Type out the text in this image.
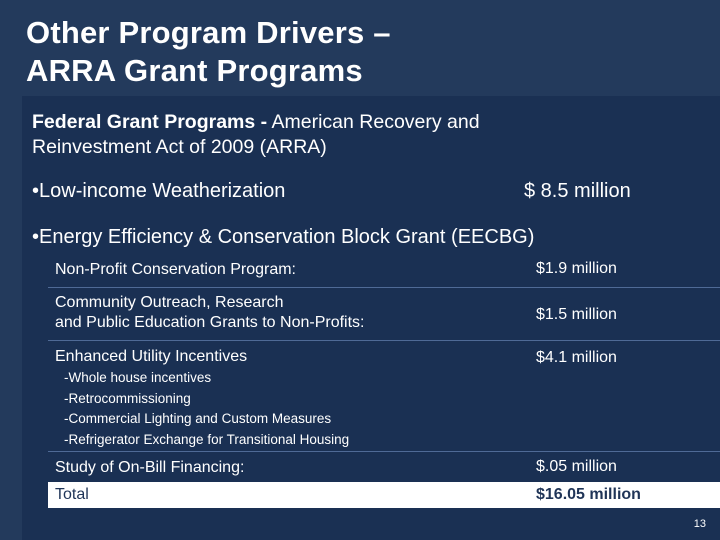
Other Program Drivers –
ARRA Grant Programs
Federal Grant Programs - American Recovery and
Reinvestment Act of 2009 (ARRA)
•Low-income Weatherization	$ 8.5 million
•Energy Efficiency & Conservation Block Grant (EECBG)
Non-Profit Conservation Program:	$1.9 million
Community Outreach, Research
and Public Education Grants to Non-Profits:	$1.5 million
Enhanced Utility Incentives	$4.1 million
-Whole house incentives
-Retrocommissioning
-Commercial Lighting and Custom Measures
-Refrigerator Exchange for Transitional Housing
Study of On-Bill Financing:	$.05 million
Total	$16.05 million
13
